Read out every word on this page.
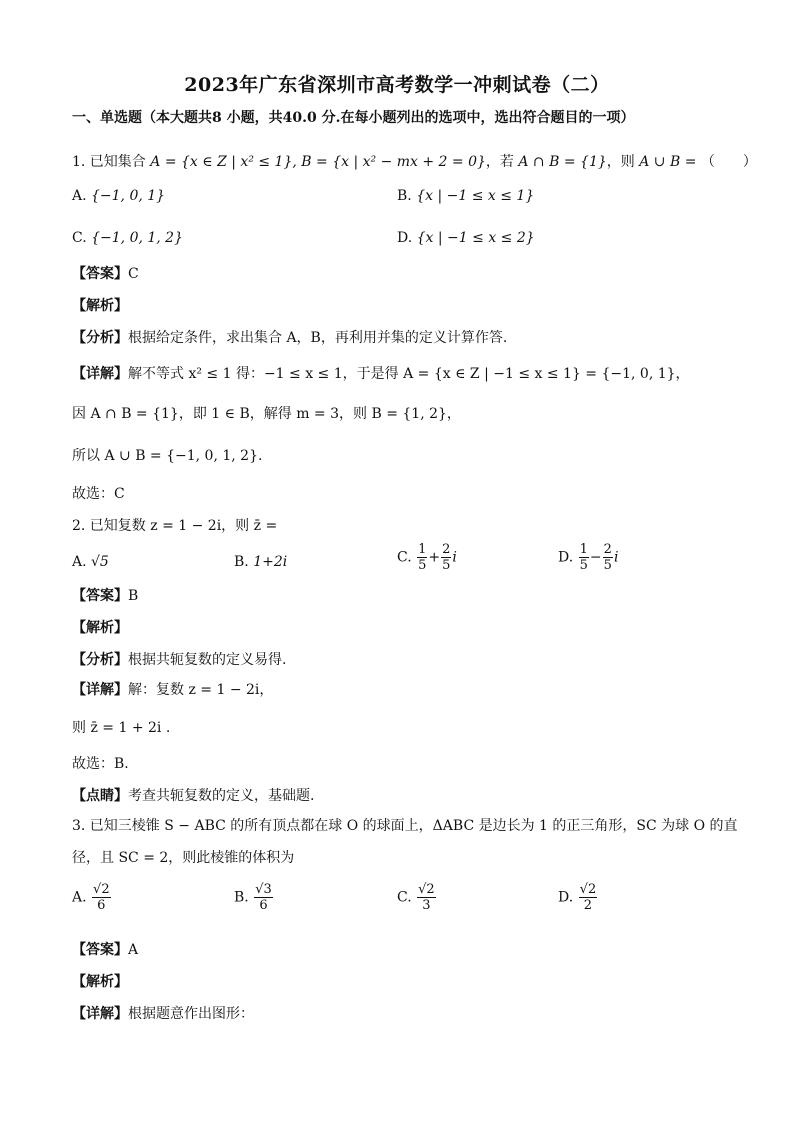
2023年广东省深圳市高考数学一冲刺试卷（二）
一、单选题（本大题共8 小题，共40.0 分.在每小题列出的选项中，选出符合题目的一项）
1. 已知集合 A = {x ∈ Z | x² ≤ 1}, B = {x | x² − mx + 2 = 0}，若 A ∩ B = {1}，则 A ∪ B = （　　）
A. {−1, 0, 1}	B. {x | −1 ≤ x ≤ 1}
C. {−1, 0, 1, 2}	D. {x | −1 ≤ x ≤ 2}
【答案】C
【解析】
【分析】根据给定条件，求出集合 A，B，再利用并集的定义计算作答.
【详解】解不等式 x² ≤ 1 得：−1 ≤ x ≤ 1，于是得 A = {x ∈ Z | −1 ≤ x ≤ 1} = {−1, 0, 1}，
因 A ∩ B = {1}，即 1 ∈ B，解得 m = 3，则 B = {1, 2}，
所以 A ∪ B = {−1, 0, 1, 2}.
故选：C
2. 已知复数 z = 1 − 2i，则 z̄ =
A. √5	B. 1+2i	C. $\frac{1}{5} + \frac{2}{5}$ i	D. $\frac{1}{5} - \frac{2}{5}$ i
【答案】B
【解析】
【分析】根据共轭复数的定义易得.
【详解】解：复数 z = 1 − 2i，
则 z̄ = 1 + 2i .
故选：B.
【点睛】考查共轭复数的定义，基础题.
3. 已知三棱锥 S − ABC 的所有顶点都在球 O 的球面上，ΔABC 是边长为 1 的正三角形，SC 为球 O 的直
径，且 SC = 2，则此棱锥的体积为
A. $\frac{√2}{6}$	B. $\frac{√3}{6}$	C. $\frac{√2}{3}$	D. $\frac{√2}{2}$
【答案】A
【解析】
【详解】根据题意作出图形：
